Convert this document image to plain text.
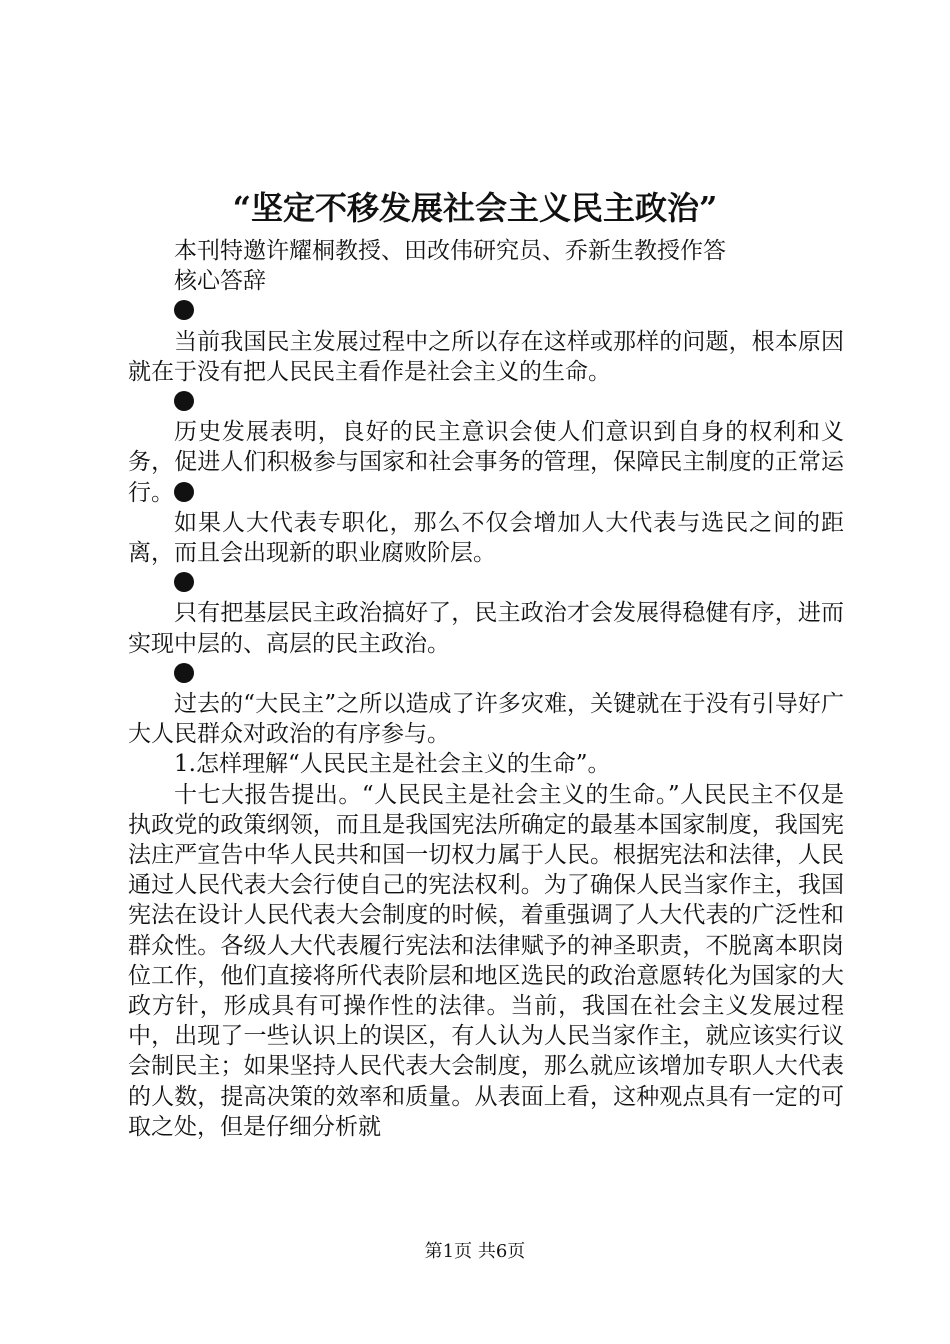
“坚定不移发展社会主义民主政治”

本刊特邀许耀桐教授、田改伟研究员、乔新生教授作答

核心答辞

当前我国民主发展过程中之所以存在这样或那样的问题，根本原因就在于没有把人民民主看作是社会主义的生命。

历史发展表明，良好的民主意识会使人们意识到自身的权利和义务，促进人们积极参与国家和社会事务的管理，保障民主制度的正常运行。

如果人大代表专职化，那么不仅会增加人大代表与选民之间的距离，而且会出现新的职业腐败阶层。

只有把基层民主政治搞好了，民主政治才会发展得稳健有序，进而实现中层的、高层的民主政治。

过去的“大民主”之所以造成了许多灾难，关键就在于没有引导好广大人民群众对政治的有序参与。

1.怎样理解“人民民主是社会主义的生命”。

十七大报告提出。“人民民主是社会主义的生命。”人民民主不仅是执政党的政策纲领，而且是我国宪法所确定的最基本国家制度，我国宪法庄严宣告中华人民共和国一切权力属于人民。根据宪法和法律，人民通过人民代表大会行使自己的宪法权利。为了确保人民当家作主，我国宪法在设计人民代表大会制度的时候，着重强调了人大代表的广泛性和群众性。各级人大代表履行宪法和法律赋予的神圣职责，不脱离本职岗位工作，他们直接将所代表阶层和地区选民的政治意愿转化为国家的大政方针，形成具有可操作性的法律。当前，我国在社会主义发展过程中，出现了一些认识上的误区，有人认为人民当家作主，就应该实行议会制民主；如果坚持人民代表大会制度，那么就应该增加专职人大代表的人数，提高决策的效率和质量。从表面上看，这种观点具有一定的可取之处，但是仔细分析就

第1页 共6页
